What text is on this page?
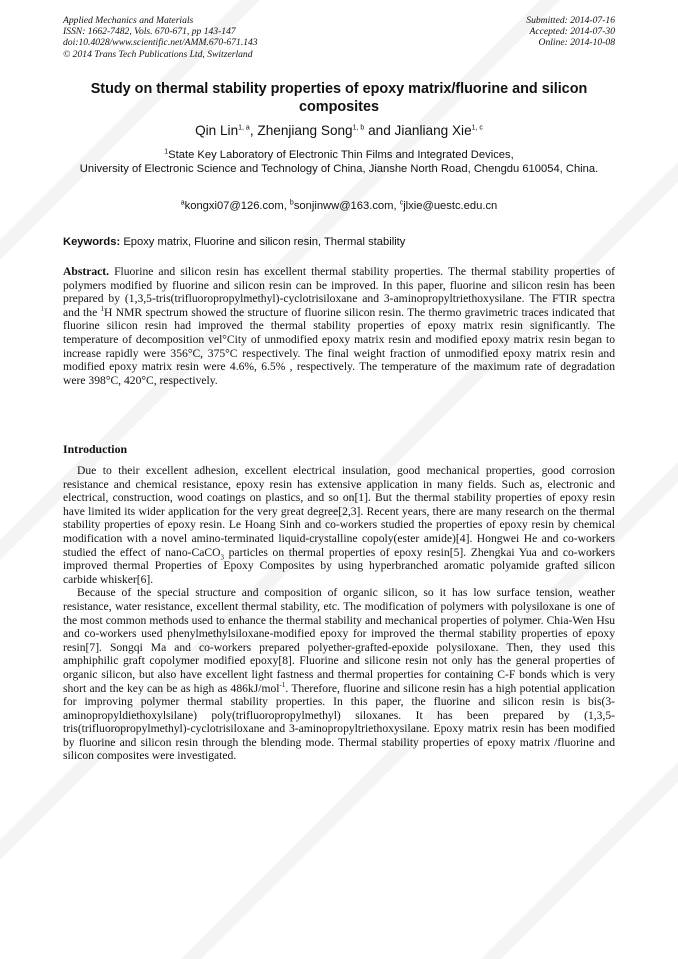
Applied Mechanics and Materials
ISSN: 1662-7482, Vols. 670-671, pp 143-147
doi:10.4028/www.scientific.net/AMM.670-671.143
© 2014 Trans Tech Publications Ltd, Switzerland
Submitted: 2014-07-16
Accepted: 2014-07-30
Online: 2014-10-08
Study on thermal stability properties of epoxy matrix/fluorine and silicon composites
Qin Lin$^{1, a}$, Zhenjiang Song$^{1, b}$ and Jianliang Xie$^{1, c}$
$^1$State Key Laboratory of Electronic Thin Films and Integrated Devices,
University of Electronic Science and Technology of China, Jianshe North Road, Chengdu 610054, China.
$^a$kongxi07@126.com, $^b$sonjinww@163.com, $^c$jlxie@uestc.edu.cn
Keywords: Epoxy matrix, Fluorine and silicon resin, Thermal stability
Abstract. Fluorine and silicon resin has excellent thermal stability properties. The thermal stability properties of polymers modified by fluorine and silicon resin can be improved. In this paper, fluorine and silicon resin has been prepared by (1,3,5-tris(trifluoropropylmethyl)-cyclotrisiloxane and 3-aminopropyltriethoxysilane. The FTIR spectra and the $^1$H NMR spectrum showed the structure of fluorine silicon resin. The thermo gravimetric traces indicated that fluorine silicon resin had improved the thermal stability properties of epoxy matrix resin significantly. The temperature of decomposition vel°City of unmodified epoxy matrix resin and modified epoxy matrix resin began to increase rapidly were 356°C, 375°C respectively. The final weight fraction of unmodified epoxy matrix resin and modified epoxy matrix resin were 4.6%, 6.5% , respectively. The temperature of the maximum rate of degradation were 398°C, 420°C, respectively.
Introduction

Due to their excellent adhesion, excellent electrical insulation, good mechanical properties, good corrosion resistance and chemical resistance, epoxy resin has extensive application in many fields. Such as, electronic and electrical, construction, wood coatings on plastics, and so on[1]. But the thermal stability properties of epoxy resin have limited its wider application for the very great degree[2,3]. Recent years, there are many research on the thermal stability properties of epoxy resin. Le Hoang Sinh and co-workers studied the properties of epoxy resin by chemical modification with a novel amino-terminated liquid-crystalline copoly(ester amide)[4]. Hongwei He and co-workers studied the effect of nano-CaCO$_3$ particles on thermal properties of epoxy resin[5]. Zhengkai Yua and co-workers improved thermal Properties of Epoxy Composites by using hyperbranched aromatic polyamide grafted silicon carbide whisker[6].

Because of the special structure and composition of organic silicon, so it has low surface tension, weather resistance, water resistance, excellent thermal stability, etc. The modification of polymers with polysiloxane is one of the most common methods used to enhance the thermal stability and mechanical properties of polymer. Chia-Wen Hsu and co-workers used phenylmethylsiloxane-modified epoxy for improved the thermal stability properties of epoxy resin[7]. Songqi Ma and co-workers prepared polyether-grafted-epoxide polysiloxane. Then, they used this amphiphilic graft copolymer modified epoxy[8]. Fluorine and silicone resin not only has the general properties of organic silicon, but also have excellent light fastness and thermal properties for containing C-F bonds which is very short and the key can be as high as 486kJ/mol$^{-1}$. Therefore, fluorine and silicone resin has a high potential application for improving polymer thermal stability properties. In this paper, the fluorine and silicon resin is bis(3-aminopropyldiethoxylsilane) poly(trifluoropropylmethyl) siloxanes. It has been prepared by (1,3,5-tris(trifluoropropylmethyl)-cyclotrisiloxane and 3-aminopropyltriethoxysilane. Epoxy matrix resin has been modified by fluorine and silicon resin through the blending mode. Thermal stability properties of epoxy matrix /fluorine and silicon composites were investigated.
